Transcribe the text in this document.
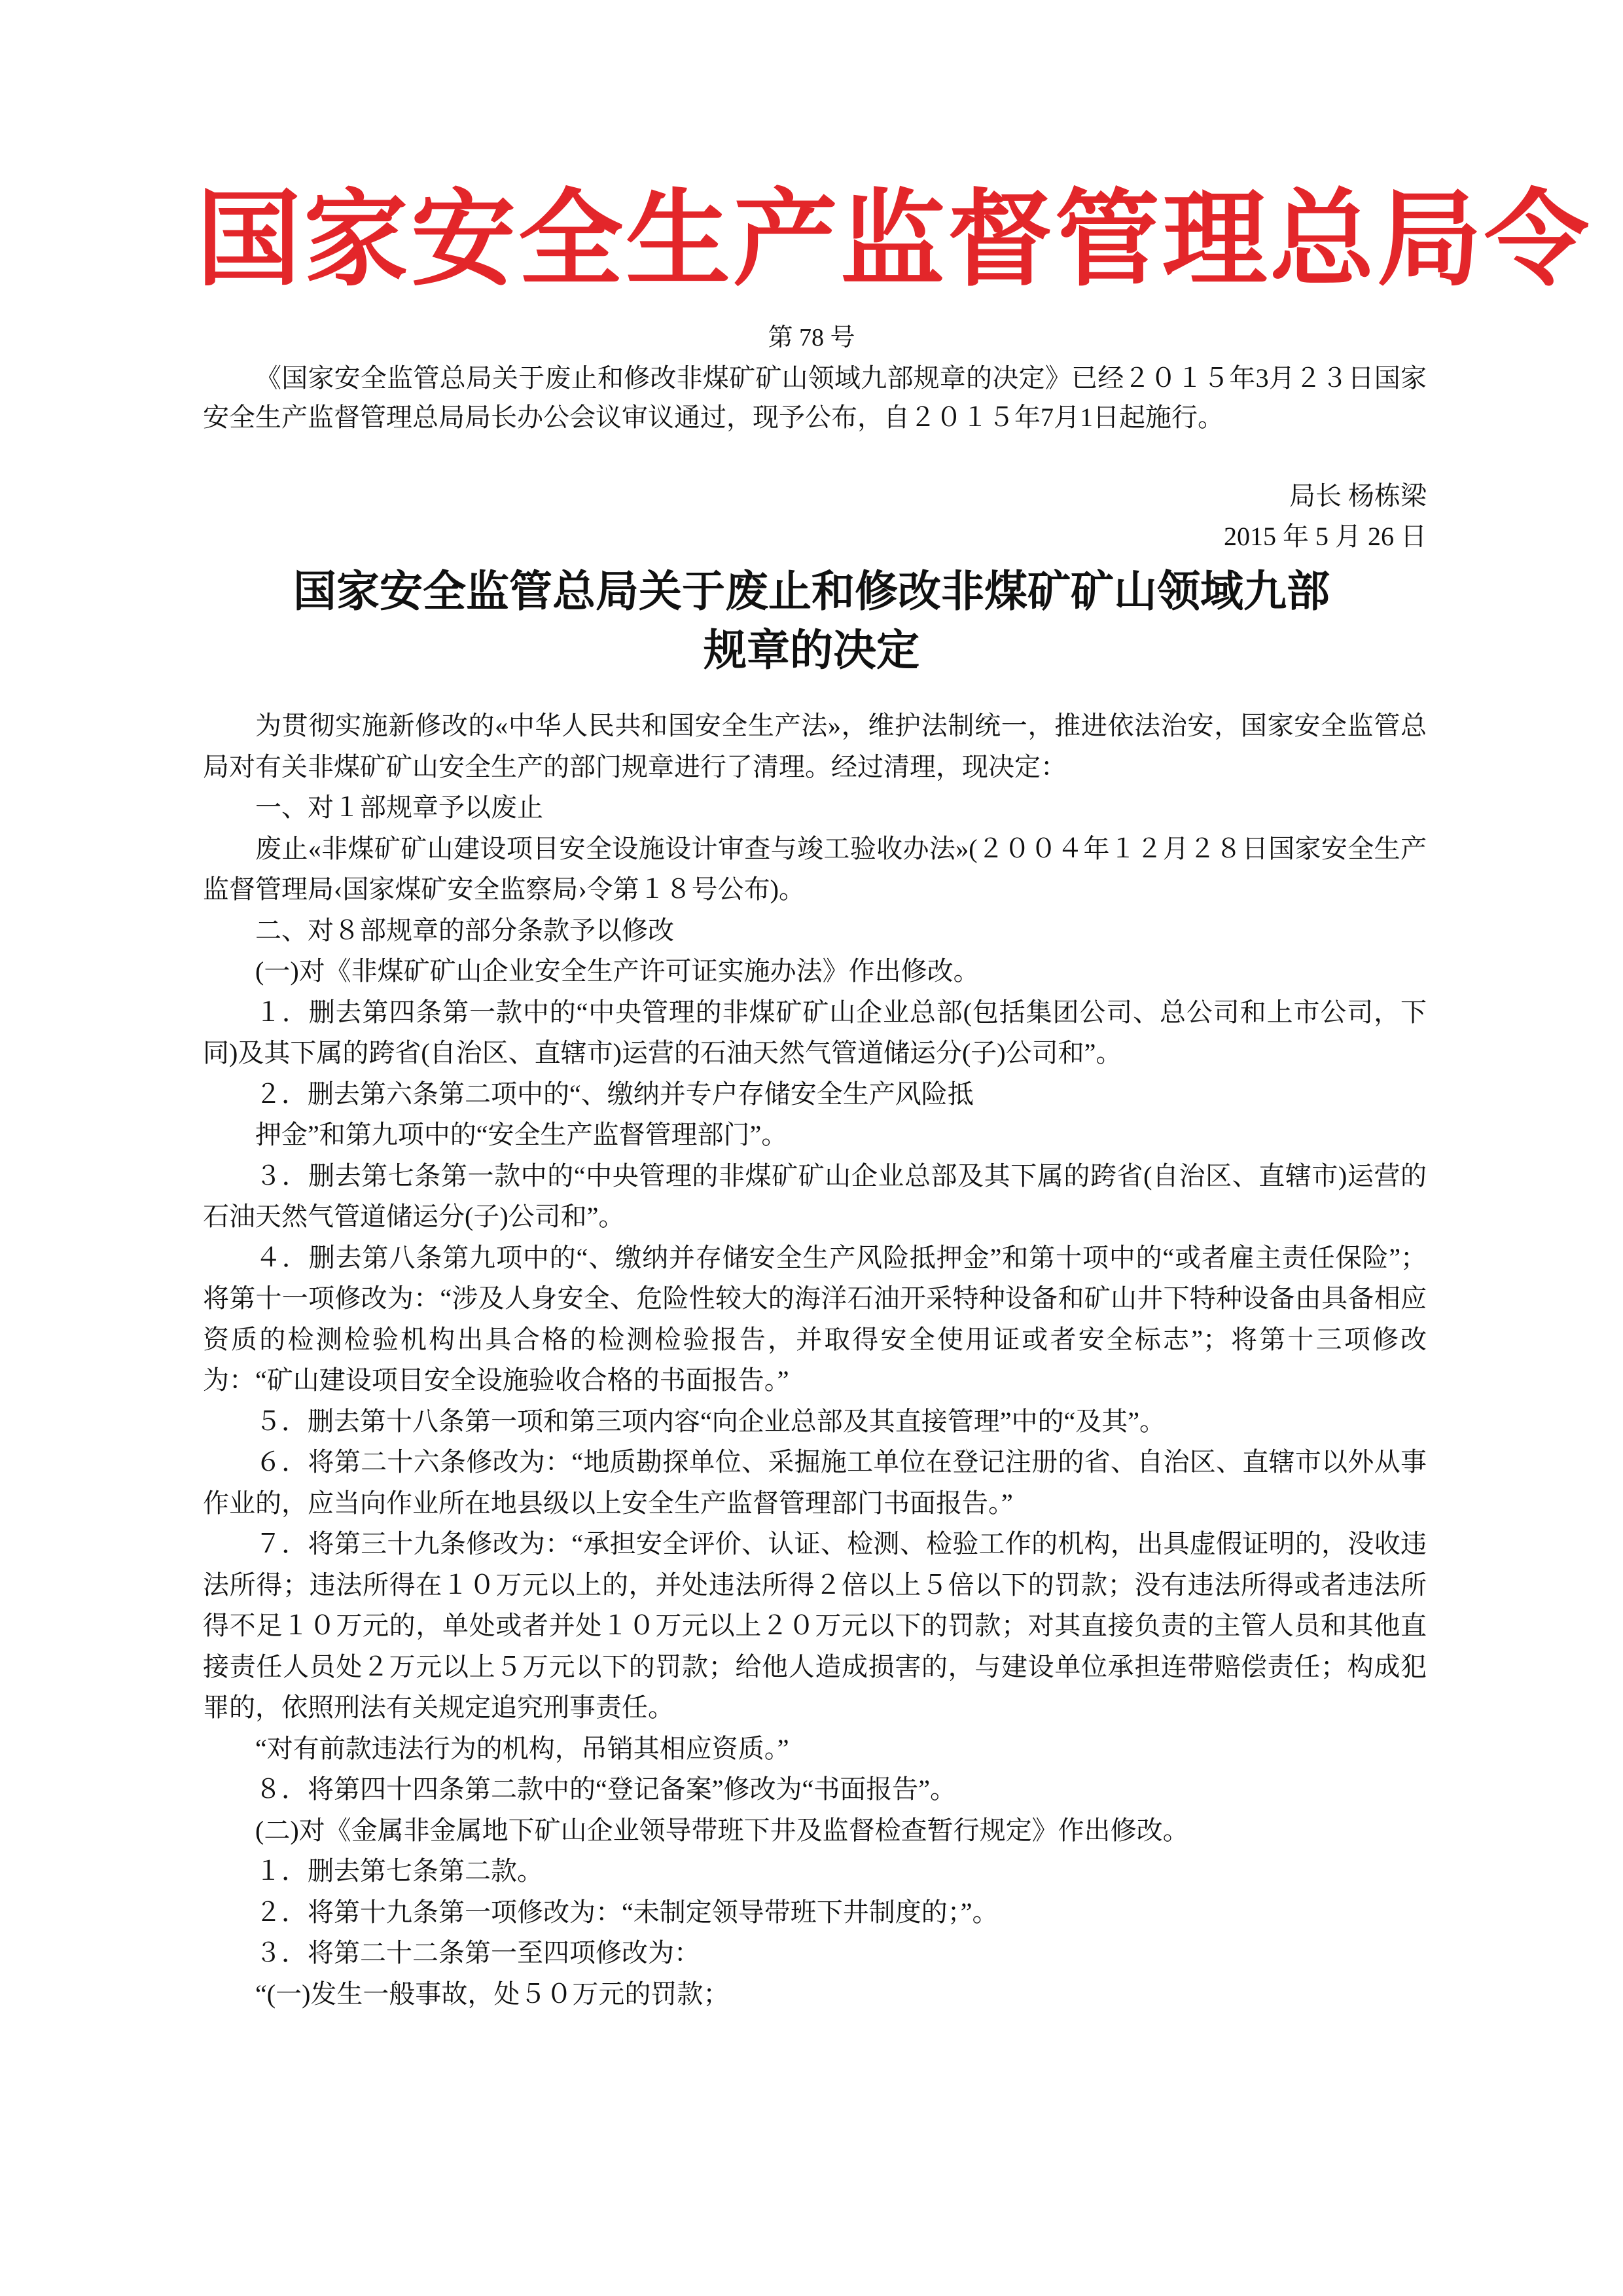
国家安全生产监督管理总局令
第 78 号

《国家安全监管总局关于废止和修改非煤矿矿山领域九部规章的决定》已经２０１５年3月２３日国家安全生产监督管理总局局长办公会议审议通过，现予公布，自２０１５年7月1日起施行。

局长 杨栋梁
2015 年 5 月 26 日
国家安全监管总局关于废止和修改非煤矿矿山领域九部
规章的决定

为贯彻实施新修改的«中华人民共和国安全生产法»，维护法制统一，推进依法治安，国家安全监管总局对有关非煤矿矿山安全生产的部门规章进行了清理。经过清理，现决定：

一、对１部规章予以废止

废止«非煤矿矿山建设项目安全设施设计审查与竣工验收办法»(２００４年１２月２８日国家安全生产监督管理局‹国家煤矿安全监察局›令第１８号公布)。

二、对８部规章的部分条款予以修改

(一)对《非煤矿矿山企业安全生产许可证实施办法》作出修改。

１．删去第四条第一款中的“中央管理的非煤矿矿山企业总部(包括集团公司、总公司和上市公司，下同)及其下属的跨省(自治区、直辖市)运营的石油天然气管道储运分(子)公司和”。

２．删去第六条第二项中的“、缴纳并专户存储安全生产风险抵

押金”和第九项中的“安全生产监督管理部门”。

３．删去第七条第一款中的“中央管理的非煤矿矿山企业总部及其下属的跨省(自治区、直辖市)运营的石油天然气管道储运分(子)公司和”。

４．删去第八条第九项中的“、缴纳并存储安全生产风险抵押金”和第十项中的“或者雇主责任保险”；将第十一项修改为：“涉及人身安全、危险性较大的海洋石油开采特种设备和矿山井下特种设备由具备相应资质的检测检验机构出具合格的检测检验报告，并取得安全使用证或者安全标志”；将第十三项修改为：“矿山建设项目安全设施验收合格的书面报告。”

５．删去第十八条第一项和第三项内容“向企业总部及其直接管理”中的“及其”。

６．将第二十六条修改为：“地质勘探单位、采掘施工单位在登记注册的省、自治区、直辖市以外从事作业的，应当向作业所在地县级以上安全生产监督管理部门书面报告。”

７．将第三十九条修改为：“承担安全评价、认证、检测、检验工作的机构，出具虚假证明的，没收违法所得；违法所得在１０万元以上的，并处违法所得２倍以上５倍以下的罚款；没有违法所得或者违法所得不足１０万元的，单处或者并处１０万元以上２０万元以下的罚款；对其直接负责的主管人员和其他直接责任人员处２万元以上５万元以下的罚款；给他人造成损害的，与建设单位承担连带赔偿责任；构成犯罪的，依照刑法有关规定追究刑事责任。

“对有前款违法行为的机构，吊销其相应资质。”

８．将第四十四条第二款中的“登记备案”修改为“书面报告”。

(二)对《金属非金属地下矿山企业领导带班下井及监督检查暂行规定》作出修改。

１．删去第七条第二款。

２．将第十九条第一项修改为：“未制定领导带班下井制度的；”。

３．将第二十二条第一至四项修改为：

“(一)发生一般事故，处５０万元的罚款；
